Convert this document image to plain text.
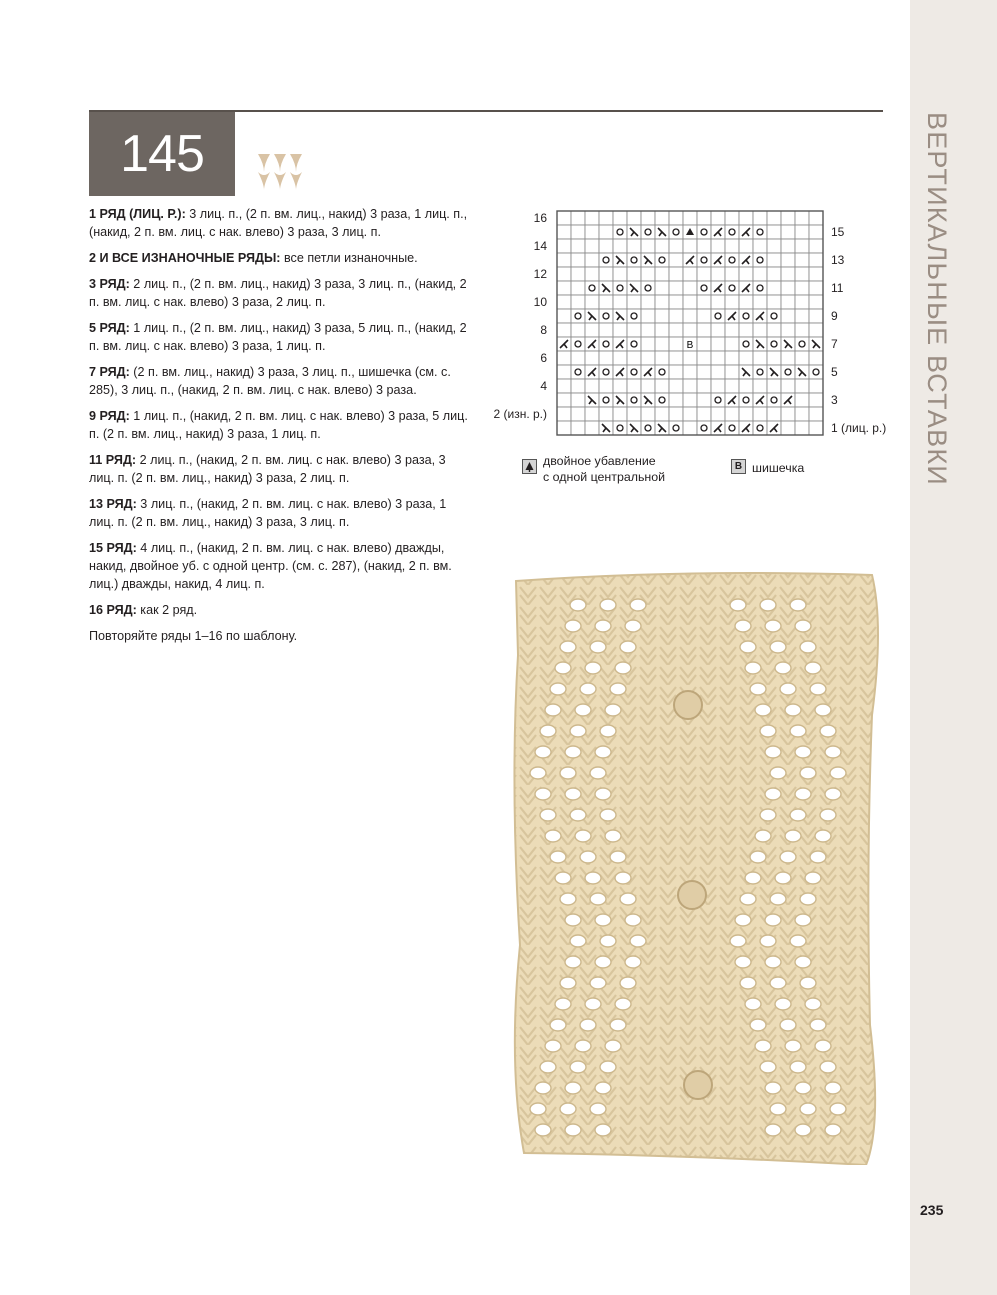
ВЕРТИКАЛЬНЫЕ ВСТАВКИ
145

1 РЯД (ЛИЦ. Р.): 3 лиц. п., (2 п. вм. лиц., накид) 3 раза, 1 лиц. п., (накид, 2 п. вм. лиц. с нак. влево) 3 раза, 3 лиц. п.

2 И ВСЕ ИЗНАНОЧНЫЕ РЯДЫ: все петли изнаночные.

3 РЯД: 2 лиц. п., (2 п. вм. лиц., накид) 3 раза, 3 лиц. п., (накид, 2 п. вм. лиц. с нак. влево) 3 раза, 2 лиц. п.

5 РЯД: 1 лиц. п., (2 п. вм. лиц., накид) 3 раза, 5 лиц. п., (накид, 2 п. вм. лиц. с нак. влево) 3 раза, 1 лиц. п.

7 РЯД: (2 п. вм. лиц., накид) 3 раза, 3 лиц. п., шишечка (см. с. 285), 3 лиц. п., (накид, 2 п. вм. лиц. с нак. влево) 3 раза.

9 РЯД: 1 лиц. п., (накид, 2 п. вм. лиц. с нак. влево) 3 раза, 5 лиц. п. (2 п. вм. лиц., накид) 3 раза, 1 лиц. п.

11 РЯД: 2 лиц. п., (накид, 2 п. вм. лиц. с нак. влево) 3 раза, 3 лиц. п. (2 п. вм. лиц., накид) 3 раза, 2 лиц. п.

13 РЯД: 3 лиц. п., (накид, 2 п. вм. лиц. с нак. влево) 3 раза, 1 лиц. п. (2 п. вм. лиц., накид) 3 раза, 3 лиц. п.

15 РЯД: 4 лиц. п., (накид, 2 п. вм. лиц. с нак. влево) дважды, накид, двойное уб. с одной центр. (см. с. 287), (накид, 2 п. вм. лиц.) дважды, накид, 4 лиц. п.

16 РЯД: как 2 ряд.

Повторяйте ряды 1–16 по шаблону.

B
16
14
12
10
8
6
4
2 (изн. р.)
15
13
11
9
7
5
3
1 (лиц. р.)
двойное убавление
с одной центральной
B шишечка
235
